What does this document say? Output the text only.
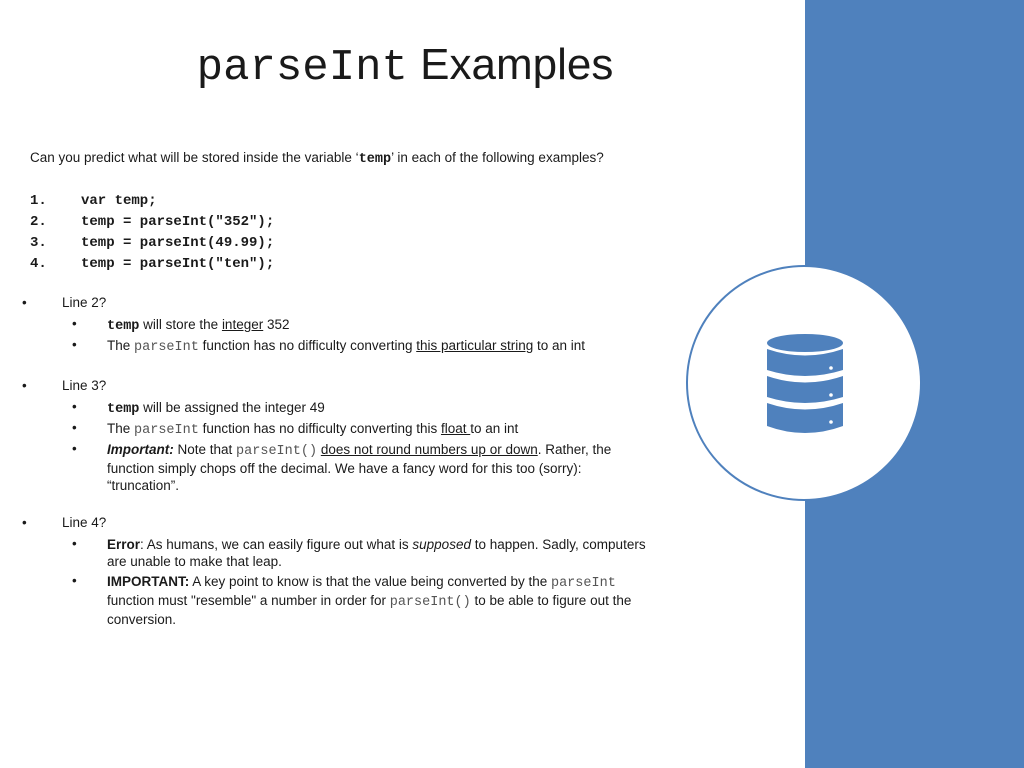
parseInt Examples
Can you predict what will be stored inside the variable ‘temp’ in each of the following examples?
1. var temp;
2. temp = parseInt("352");
3. temp = parseInt(49.99);
4. temp = parseInt("ten");
•	Line 2?
• temp will store the integer 352
• The parseInt function has no difficulty converting this particular string to an int
•	Line 3?
• temp will be assigned the integer 49
• The parseInt function has no difficulty converting this float to an int
• Important: Note that parseInt() does not round numbers up or down. Rather, the function simply chops off the decimal. We have a fancy word for this too (sorry): “truncation”.
•	Line 4?
• Error: As humans, we can easily figure out what is supposed to happen. Sadly, computers are unable to make that leap.
• IMPORTANT: A key point to know is that the value being converted by the parseInt function must "resemble" a number in order for parseInt() to be able to figure out the conversion.
